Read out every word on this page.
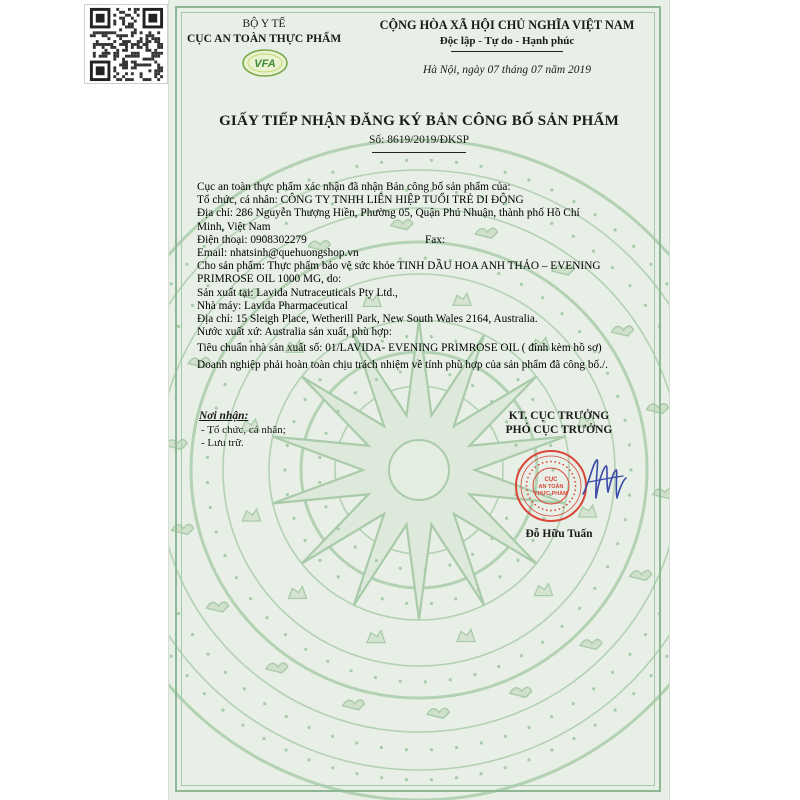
BỘ Y TẾ
CỤC AN TOÀN THỰC PHẨM
VFA
CỘNG HÒA XÃ HỘI CHỦ NGHĨA VIỆT NAM
Độc lập - Tự do - Hạnh phúc
Hà Nội, ngày 07 tháng 07 năm 2019
GIẤY TIẾP NHẬN ĐĂNG KÝ BẢN CÔNG BỐ SẢN PHẨM
Số: 8619/2019/ĐKSP
Cục an toàn thực phẩm xác nhận đã nhận Bản công bố sản phẩm của:
Tổ chức, cá nhân: CÔNG TY TNHH LIÊN HIỆP TUỔI TRẺ DI ĐỘNG
Địa chỉ: 286 Nguyễn Thượng Hiền, Phường 05, Quận Phú Nhuận, thành phố Hồ Chí
Minh, Việt Nam
Điện thoại: 0908302279	Fax:
Email: nhatsinh@quehuongshop.vn
Cho sản phẩm: Thực phẩm bảo vệ sức khỏe TINH DẦU HOA ANH THẢO – EVENING
PRIMROSE OIL 1000 MG, do:
Sản xuất tại: Lavida Nutraceuticals Pty Ltd.,
Nhà máy: Lavida Pharmaceutical
Địa chỉ: 15 Sleigh Place, Wetherill Park, New South Wales 2164, Australia.
Nước xuất xứ: Australia sản xuất, phù hợp:
Tiêu chuẩn nhà sản xuất số: 01/LAVIDA- EVENING PRIMROSE OIL ( đính kèm hồ sơ)
Doanh nghiệp phải hoàn toàn chịu trách nhiệm về tính phù hợp của sản phẩm đã công bố./.
Nơi nhận:
- Tổ chức, cá nhân;
- Lưu trữ.
KT. CỤC TRƯỞNG
PHÓ CỤC TRƯỞNG
CỤC
AN TOÀN
THỰC PHẨM
Đỗ Hữu Tuấn
